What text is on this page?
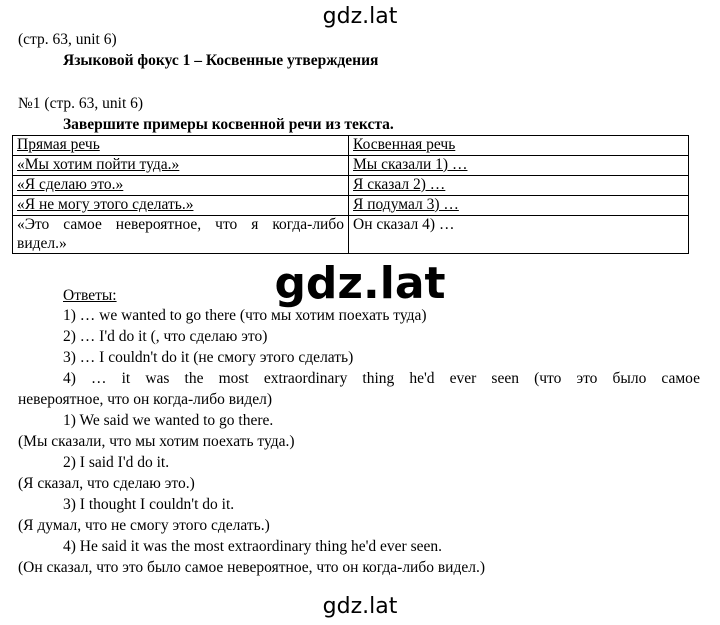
gdz.lat
(стр. 63, unit 6)
Языковой фокус 1 – Косвенные утверждения
№1 (стр. 63, unit 6)
Завершите примеры косвенной речи из текста.
Прямая речь	Косвенная речь
«Мы хотим пойти туда.»	Мы сказали 1) …
«Я сделаю это.»	Я сказал 2) …
«Я не могу этого сделать.»	Я подумал 3) …
«Это самое невероятное, что я когда-либо видел.»	Он сказал 4) …
gdz.lat
Ответы:
1) … we wanted to go there (что мы хотим поехать туда)
2) … I'd do it (, что сделаю это)
3) … I couldn't do it (не смогу этого сделать)
4) … it was the most extraordinary thing he'd ever seen (что это было самое
невероятное, что он когда-либо видел)
1) We said we wanted to go there.
(Мы сказали, что мы хотим поехать туда.)
2) I said I'd do it.
(Я сказал, что сделаю это.)
3) I thought I couldn't do it.
(Я думал, что не смогу этого сделать.)
4) He said it was the most extraordinary thing he'd ever seen.
(Он сказал, что это было самое невероятное, что он когда-либо видел.)
gdz.lat
